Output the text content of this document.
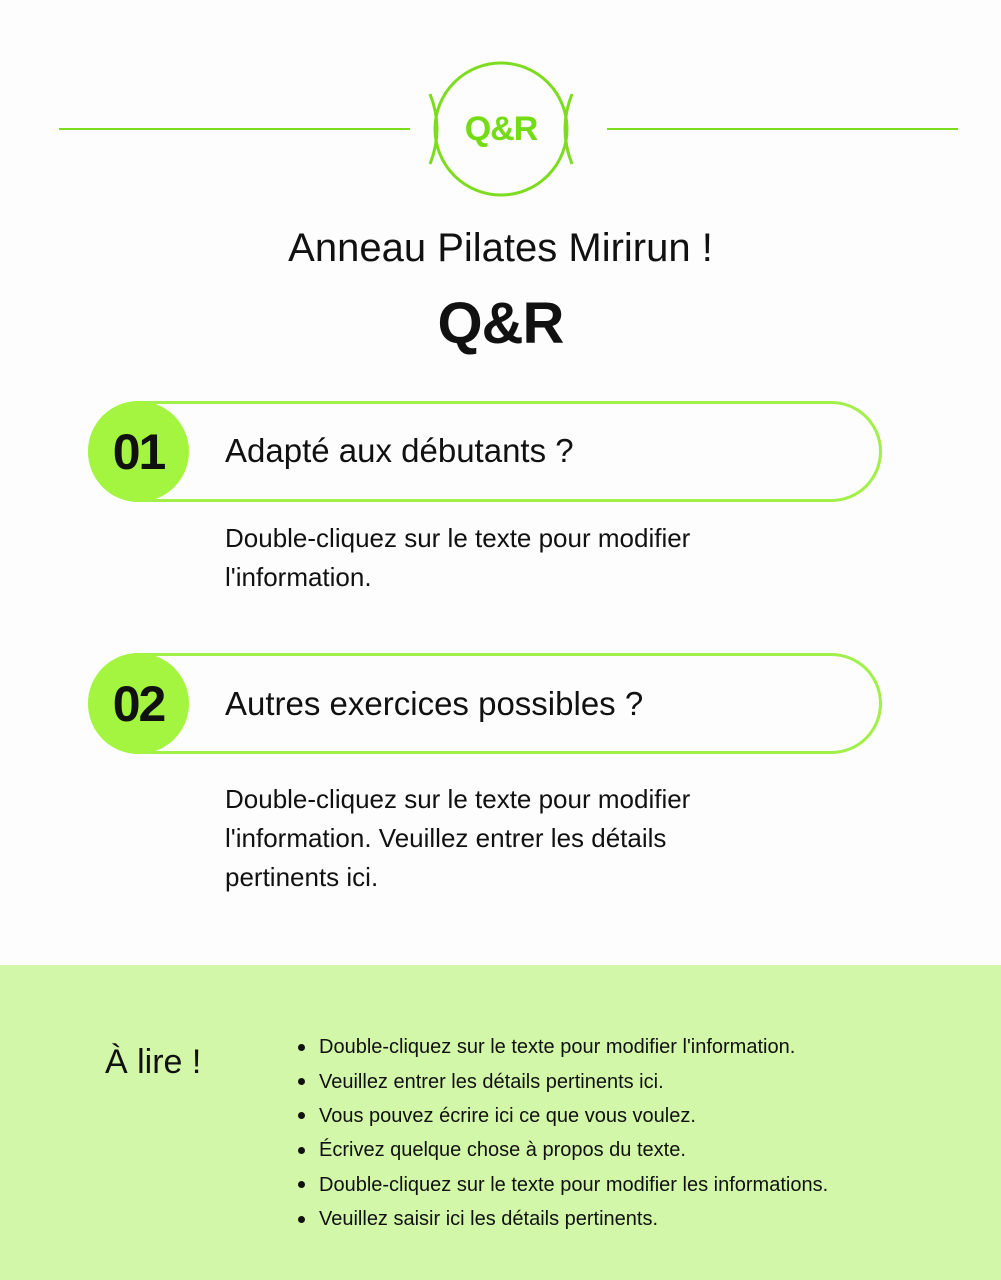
Q&R
Anneau Pilates Mirirun !
Q&R
01	Adapté aux débutants ?
Double-cliquez sur le texte pour modifier l'information.
02	Autres exercices possibles ?
Double-cliquez sur le texte pour modifier l'information. Veuillez entrer les détails pertinents ici.
À lire !	Double-cliquez sur le texte pour modifier l'information.
Veuillez entrer les détails pertinents ici.
Vous pouvez écrire ici ce que vous voulez.
Écrivez quelque chose à propos du texte.
Double-cliquez sur le texte pour modifier les informations.
Veuillez saisir ici les détails pertinents.
